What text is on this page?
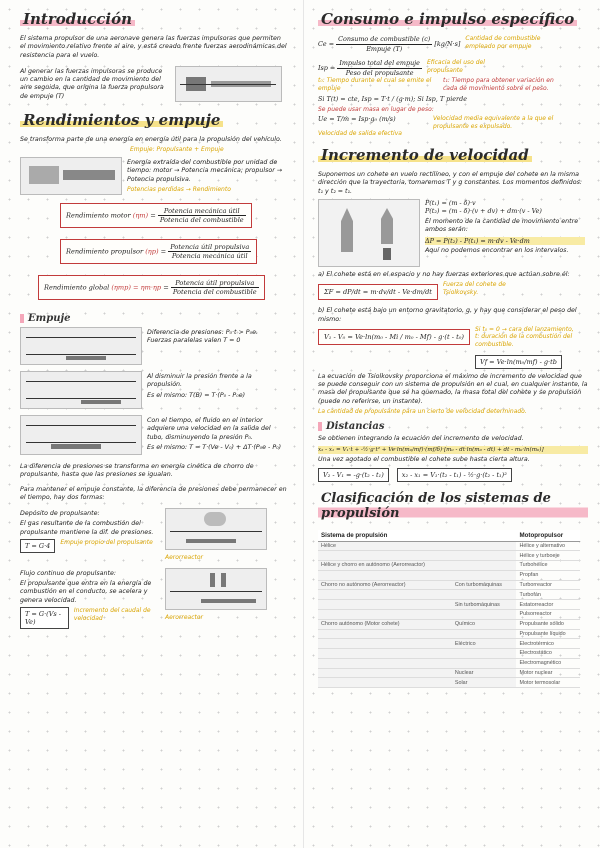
Introducción

El sistema propulsor de una aeronave genera las fuerzas impulsoras que permiten el movimiento relativo frente al aire, y está creado frente fuerzas aerodinámicas del resistencia para el vuelo.

Al generar las fuerzas impulsoras se produce un cambio en la cantidad de movimiento del aire seguida, que origina la fuerza propulsora de empuje (T)

Rendimientos y empuje

Se transforma parte de una energía en energía útil para la propulsión del vehículo.

Empuje: Propulsante + Empuje
Energía extraída del combustible por unidad de tiempo: motor → Potencia mecánica; propulsor → Potencia propulsiva.
Potencias perdidas → Rendimiento
Rendimiento motor $(\eta m) = \frac{\text{Potencia mecánica útil}}{\text{Potencia del combustible}}$
Rendimiento propulsor $(\eta p) = \frac{\text{Potencia útil propulsiva}}{\text{Potencia mecánica útil}}$
Rendimiento global $(\eta mp) = \eta m\cdot\eta p = \frac{\text{Potencia útil propulsiva}}{\text{Potencia del combustible}}$
Empuje

Diferencia de presiones: P₀·t > P₀e. Fuerzas paralelas valen T = 0

Al disminuir la presión frente a la propulsión.

Es el mismo: T(B) = T·(P₀ - P₀e)

Con el tiempo, el fluido en el interior adquiere una velocidad en la salida del tubo, disminuyendo la presión P₀.

Es el mismo: T = T·(Ve - V₀) + ΔT·(P₀e - P₀)

La diferencia de presiones se transforma en energía cinética de chorro de propulsante, hasta que las presiones se igualan.

Para mantener el empuje constante, la diferencia de presiones debe permanecer en el tiempo, hay dos formas:

Depósito de propulsante:

El gas resultante de la combustión del propulsante mantiene la dif. de presiones.

T = G·4	Empuje propio del propulsante
Aerorreactor

Flujo continuo de propulsante:

El propulsante que entra en la energía de combustión en el conducto, se acelera y genera velocidad.

T = G·(Vs - Ve)
Incremento del caudal de velocidad	Aerorreactor
Consumo e impulso específico
$Ce = \frac{\text{Consumo de combustible (c)}}{\text{Empuje (T)}} [kg/N\cdot s]$
Cantidad de combustible empleado por empuje
Isp = $\frac{\text{Impulso total del empuje}}{\text{Peso del propulsante}}$ Eficacia del uso del propulsante
t₀: Tiempo durante el cual se emite el empuje
t₁: Tiempo para obtener variación en cada de movimiento sobre el peso.
Si T(t) = cte, Isp = T·t / (g·m); Si Isp, T pierde
Se puede usar masa en lugar de peso:
Ue = T/ṁ = Isp·g₀ (m/s)	Velocidad media equivalente a la que el propulsante es expulsado.
Velocidad de salida efectiva
Incremento de velocidad

Suponemos un cohete en vuelo rectilíneo, y con el empuje del cohete en la misma dirección que la trayectoria, tomaremos T y g constantes. Los momentos definidos: t₁ y t₂ = t₁.

P(t₁) = (m - δ)·v
P(t₂) = (m - δ)·(v + dv) + dm·(v - Ve)
El momento de la cantidad de movimiento entre ambos serán:
ΔP = P(t₂) - P(t₁) = m·dv - Ve·dm
Aquí no podemos encontrar en los intervalos.

a) El cohete está en el espacio y no hay fuerzas exteriores que actúan sobre él:

ΣF = dP/dt = m·dv/dt - Ve·dm/dt
Fuerza del cohete de Tsiolkovsky.

b) El cohete está bajo un entorno gravitatorio, g, y hay que considerar el peso del mismo:

V₁ - V₀ = Ve·ln(m₀ - Mi / m₀ - Mf) - g·(t - t₀)
Si t₀ = 0 → cara del lanzamiento,
t: duración de la combustión del combustible.
Vf = Ve·ln(m₀/mf) - g·tb

La ecuación de Tsiolkovsky proporciona el máximo de incremento de velocidad que se puede conseguir con un sistema de propulsión en el cual, en cualquier instante, la masa del propulsante que se ha quemado, la masa total del cohete y se propulsión (puede no referirse, un instante).

La cantidad de propulsante para un cierto de velocidad determinado.
Distancias

Se obtienen integrando la ecuación del incremento de velocidad.

x₂ - x₁ = V₁·t + -½·g·t² + Ve·ln(m₀/mf)·(mf/δ)·[m₀ - dt·ln(m₀ - dt) + dt - m₀·ln(m₀)]

Una vez agotado el combustible el cohete sube hasta cierta altura.

V₂ - V₁ = -g·(t₂ - t₁)	x₂ - x₁ = V₁·(t₂ - t₁) - ½·g·(t₂ - t₁)²
Clasificación de los sistemas de propulsión
Sistema de propulsión		Motopropulsor
Hélice		Hélice y alternativo
		Hélice y turboeje
Hélice y chorro en autónomo (Aerorreactor)		Turbohélice
		Propfan
Chorro no autónomo (Aerorreactor)	Con turbomáquinas	Turborreactor
		Turbofán
	Sin turbomáquinas	Estatorreactor
		Pulsorreactor
Chorro autónomo (Motor cohete)	Químico	Propulsante sólido
		Propulsante líquido
	Eléctrico	Electrotérmico
		Electrostático
		Electromagnético
	Nuclear	Motor nuclear
	Solar	Motor termosolar
